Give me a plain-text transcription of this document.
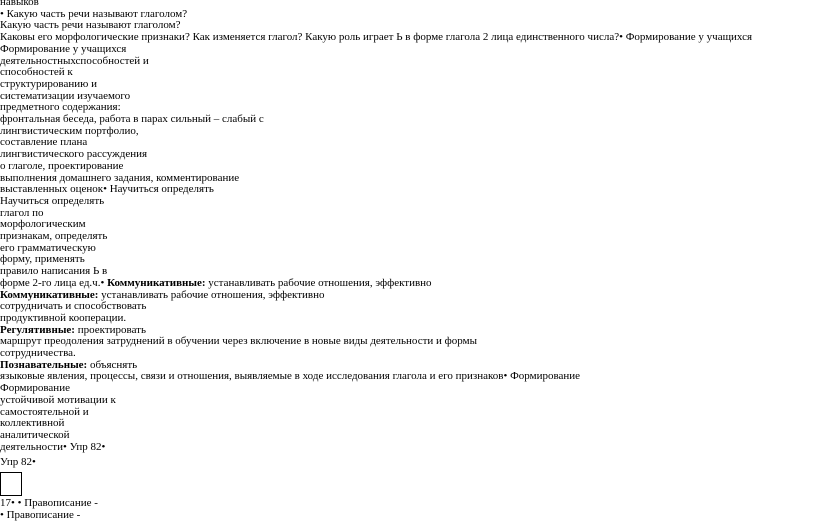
навыков
• Какую часть речи называют глаголом?
Какую часть речи называют глаголом?
Каковы его морфологические признаки? Как изменяется глагол? Какую роль играет Ь в форме глагола 2 лица единственного числа?• Формирование у учащихся
Формирование у учащихся
деятельностныхспособностей и
способностей к
структурированию и
систематизации изучаемого
предметного содержания:
фронтальная беседа, работа в парах сильный – слабый с
лингвистическим портфолио,
составление плана
лингвистического рассуждения
о глаголе, проектирование
выполнения домашнего задания, комментирование
выставленных оценок• Научиться определять
Научиться определять
глагол по
морфологическим
признакам, определять
его грамматическую
форму, применять
правило написания Ь в
форме 2-го лица ед.ч.• Коммуникативные: устанавливать рабочие отношения, эффективно
Коммуникативные: устанавливать рабочие отношения, эффективно
сотрудничать и способствовать
продуктивной кооперации.
Регулятивные: проектировать
маршрут преодоления затруднений в обучении через включение в новые виды деятельности и формы
сотрудничества.
Познавательные: объяснять
языковые явления, процессы, связи и отношения, выявляемые в ходе исследования глагола и его признаков• Формирование
Формирование
устойчивой мотивации к
самостоятельной и
коллективной
аналитической
деятельности• Упр 82•
Упр 82•
17• • Правописание -
• Правописание -
